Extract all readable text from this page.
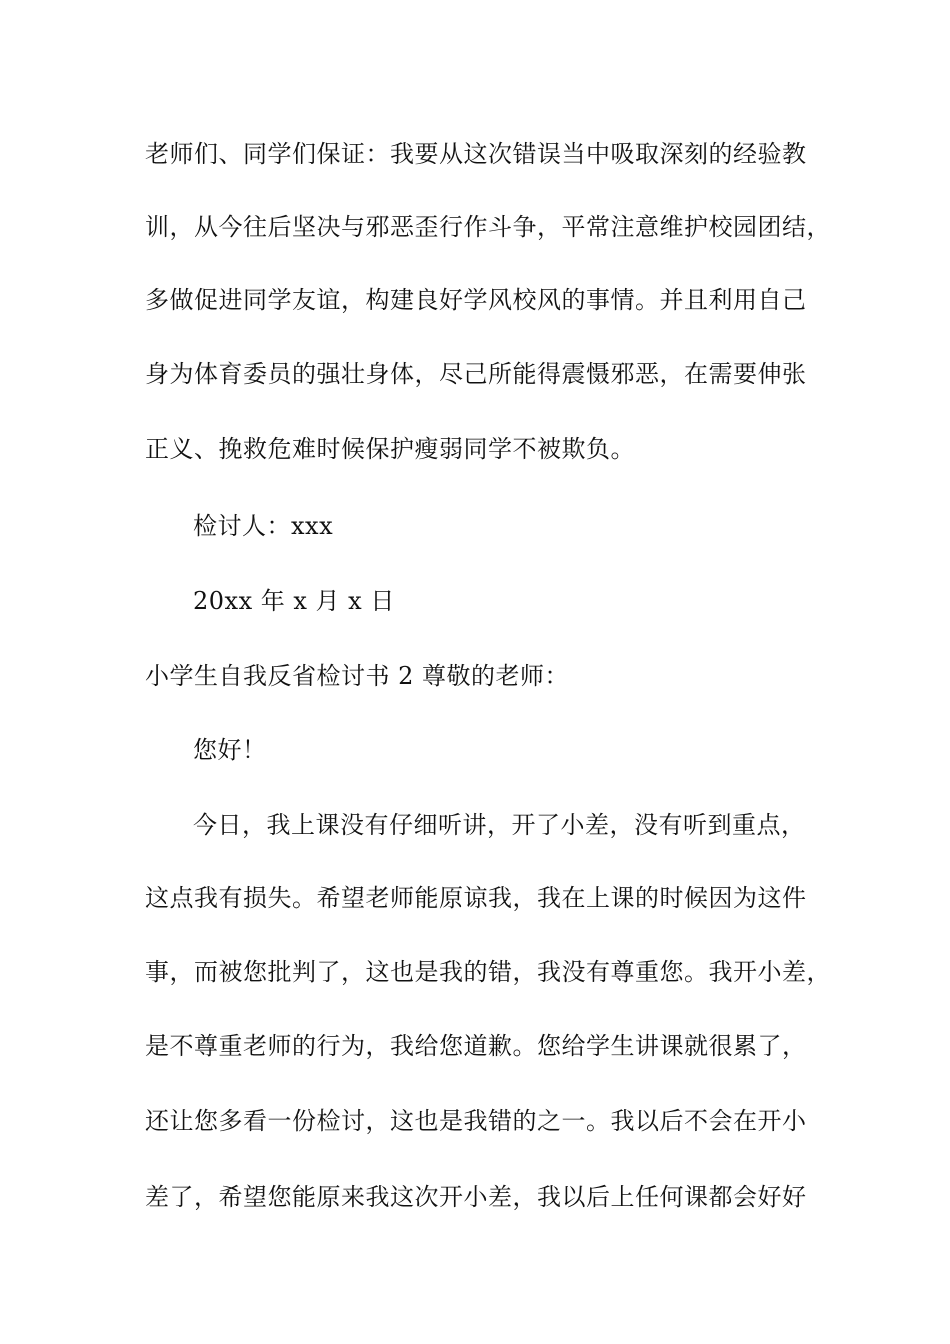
老师们、同学们保证：我要从这次错误当中吸取深刻的经验教
训，从今往后坚决与邪恶歪行作斗争，平常注意维护校园团结，
多做促进同学友谊，构建良好学风校风的事情。并且利用自己
身为体育委员的强壮身体，尽己所能得震慑邪恶，在需要伸张
正义、挽救危难时候保护瘦弱同学不被欺负。
检讨人：xxx
20xx 年 x 月 x 日
小学生自我反省检讨书 2 尊敬的老师：
您好！
今日，我上课没有仔细听讲，开了小差，没有听到重点，
这点我有损失。希望老师能原谅我，我在上课的时候因为这件
事，而被您批判了，这也是我的错，我没有尊重您。我开小差，
是不尊重老师的行为，我给您道歉。您给学生讲课就很累了，
还让您多看一份检讨，这也是我错的之一。我以后不会在开小
差了，希望您能原来我这次开小差，我以后上任何课都会好好
